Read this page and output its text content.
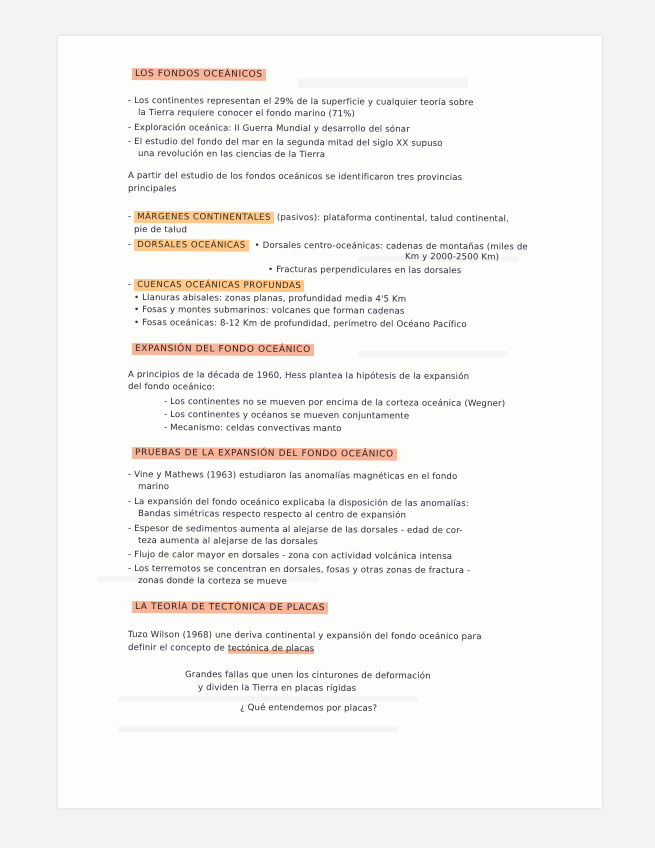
LOS FONDOS OCEÁNICOS
- Los continentes representan el 29% de la superficie y cualquier teoría sobre
la Tierra requiere conocer el fondo marino (71%)
- Exploración oceánica: II Guerra Mundial y desarrollo del sónar
- El estudio del fondo del mar en la segunda mitad del siglo XX supuso
una revolución en las ciencias de la Tierra
A partir del estudio de los fondos oceánicos se identificaron tres provincias
principales
- MÁRGENES CONTINENTALES (pasivos): plataforma continental, talud continental,
pie de talud
- DORSALES OCEÁNICAS • Dorsales centro-oceánicas: cadenas de montañas (miles de
Km y 2000-2500 Km)
• Fracturas perpendiculares en las dorsales
- CUENCAS OCEÁNICAS PROFUNDAS
• Llanuras abisales: zonas planas, profundidad media 4'5 Km
• Fosas y montes submarinos: volcanes que forman cadenas
• Fosas oceánicas: 8-12 Km de profundidad, perímetro del Océano Pacífico
EXPANSIÓN DEL FONDO OCEÁNICO
A principios de la década de 1960, Hess plantea la hipótesis de la expansión
del fondo oceánico:
- Los continentes no se mueven por encima de la corteza oceánica (Wegner)
- Los continentes y océanos se mueven conjuntamente
- Mecanismo: celdas convectivas manto
PRUEBAS DE LA EXPANSIÓN DEL FONDO OCEÁNICO
- Vine y Mathews (1963) estudiaron las anomalías magnéticas en el fondo
marino
- La expansión del fondo oceánico explicaba la disposición de las anomalías:
Bandas simétricas respecto respecto al centro de expansión
- Espesor de sedimentos aumenta al alejarse de las dorsales - edad de cor-
teza aumenta al alejarse de las dorsales
- Flujo de calor mayor en dorsales - zona con actividad volcánica intensa
- Los terremotos se concentran en dorsales, fosas y otras zonas de fractura -
zonas donde la corteza se mueve
LA TEORÍA DE TECTÓNICA DE PLACAS
Tuzo Wilson (1968) une deriva continental y expansión del fondo oceánico para
definir el concepto de tectónica de placas
Grandes fallas que unen los cinturones de deformación
y dividen la Tierra en placas rígidas
¿ Qué entendemos por placas?
